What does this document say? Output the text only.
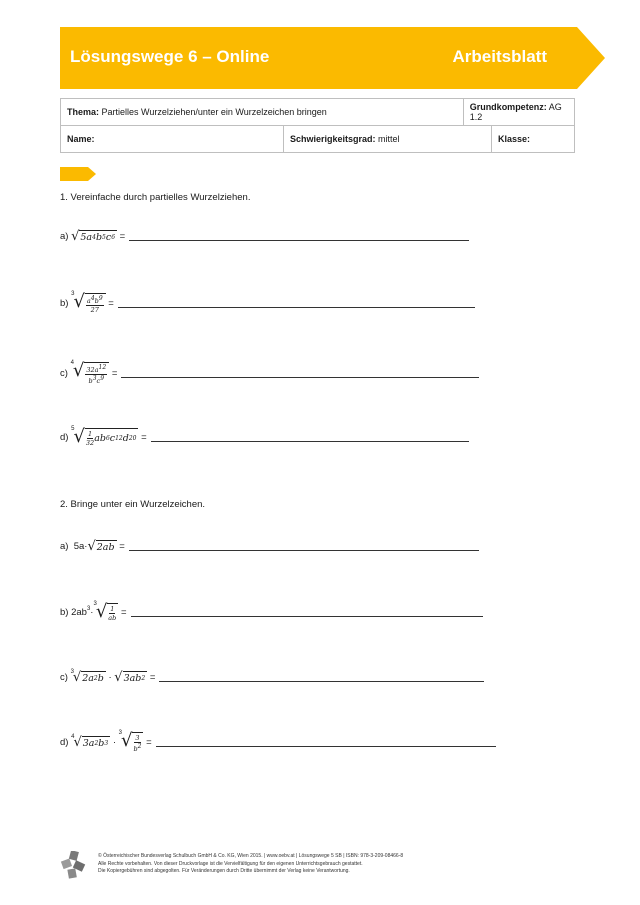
Lösungswege 6 – Online	Arbeitsblatt
Thema: Partielles Wurzelziehen/unter ein Wurzelzeichen bringen		Grundkompetenz: AG 1.2	
Name:	Schwierigkeitsgrad: mittel		Klasse:
1. Vereinfache durch partielles Wurzelziehen.
a)
√ 5a 4 b 5 c 6 =
b)

3 √ $\frac{a^4b^9}{27}$ =
c)

4 √ $\frac{32a^{12}}{b^3c^9}$ =
d)

5 √ $\frac{1}{32}$ ab 6 c 12 d 20 =
2. Bringe unter ein Wurzelzeichen.
a) 5a· √ 2ab =
b) $2ab^3$ ·
3 √ $\frac{1}{ab}$ =
c)
3 √ 2a 2 b · √ 3ab 2 =
d)
4 √ 3a 2 b 3 ·
3 √ $\frac{3}{b^2}$ =
© Österreichischer Bundesverlag Schulbuch GmbH & Co. KG, Wien 2015. | www.oebv.at | Lösungswege 5 SB | ISBN: 978-3-209-08466-8
Alle Rechte vorbehalten. Von dieser Druckvorlage ist die Vervielfältigung für den eigenen Unterrichtsgebrauch gestattet.
Die Kopiergebühren sind abgegolten. Für Veränderungen durch Dritte übernimmt der Verlag keine Verantwortung.
